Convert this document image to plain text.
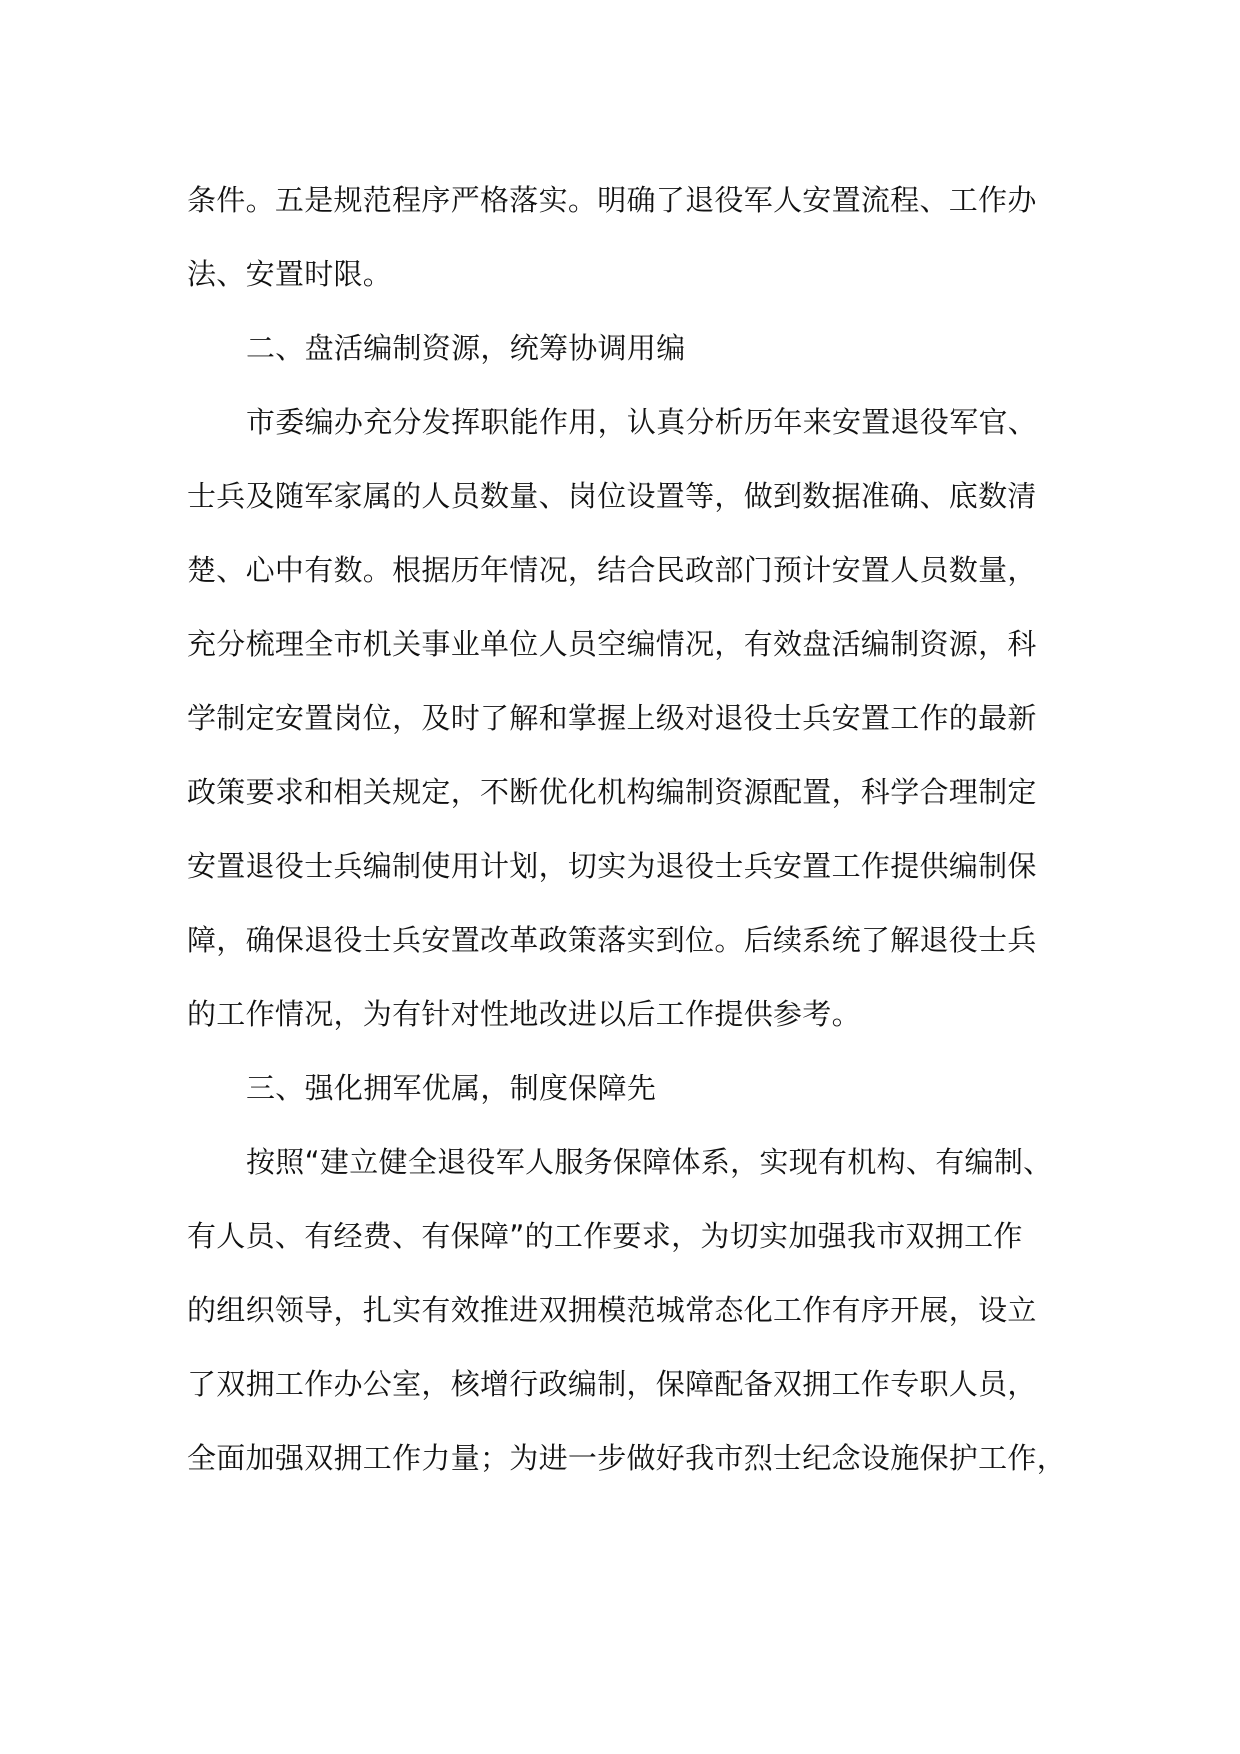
条件。五是规范程序严格落实。明确了退役军人安置流程、工作办
法、安置时限。
二、盘活编制资源，统筹协调用编
市委编办充分发挥职能作用，认真分析历年来安置退役军官、
士兵及随军家属的人员数量、岗位设置等，做到数据准确、底数清
楚、心中有数。根据历年情况，结合民政部门预计安置人员数量，
充分梳理全市机关事业单位人员空编情况，有效盘活编制资源，科
学制定安置岗位，及时了解和掌握上级对退役士兵安置工作的最新
政策要求和相关规定，不断优化机构编制资源配置，科学合理制定
安置退役士兵编制使用计划，切实为退役士兵安置工作提供编制保
障，确保退役士兵安置改革政策落实到位。后续系统了解退役士兵
的工作情况，为有针对性地改进以后工作提供参考。
三、强化拥军优属，制度保障先
按照“建立健全退役军人服务保障体系，实现有机构、有编制、
有人员、有经费、有保障”的工作要求，为切实加强我市双拥工作
的组织领导，扎实有效推进双拥模范城常态化工作有序开展，设立
了双拥工作办公室，核增行政编制，保障配备双拥工作专职人员，
全面加强双拥工作力量；为进一步做好我市烈士纪念设施保护工作，
